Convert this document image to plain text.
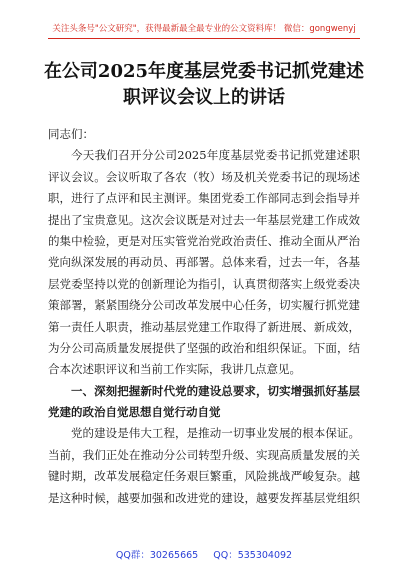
关注头条号"公文研究"，获得最新最全最专业的公文资料库！ 微信：gongwenyj
在公司2025年度基层党委书记抓党建述
职评议会议上的讲话
同志们：
今天我们召开分公司2025年度基层党委书记抓党建述职
评议会议。会议听取了各农（牧）场及机关党委书记的现场述
职，进行了点评和民主测评。集团党委工作部同志到会指导并
提出了宝贵意见。这次会议既是对过去一年基层党建工作成效
的集中检验，更是对压实管党治党政治责任、推动全面从严治
党向纵深发展的再动员、再部署。总体来看，过去一年，各基
层党委坚持以党的创新理论为指引，认真贯彻落实上级党委决
策部署，紧紧围绕分公司改革发展中心任务，切实履行抓党建
第一责任人职责，推动基层党建工作取得了新进展、新成效，
为分公司高质量发展提供了坚强的政治和组织保证。下面，结
合本次述职评议和当前工作实际，我讲几点意见。
一、深刻把握新时代党的建设总要求，切实增强抓好基层
党建的政治自觉思想自觉行动自觉
党的建设是伟大工程，是推动一切事业发展的根本保证。
当前，我们正处在推动分公司转型升级、实现高质量发展的关
键时期，改革发展稳定任务艰巨繁重，风险挑战严峻复杂。越
是这种时候，越要加强和改进党的建设，越要发挥基层党组织
QQ群：30265665 QQ：535304092
